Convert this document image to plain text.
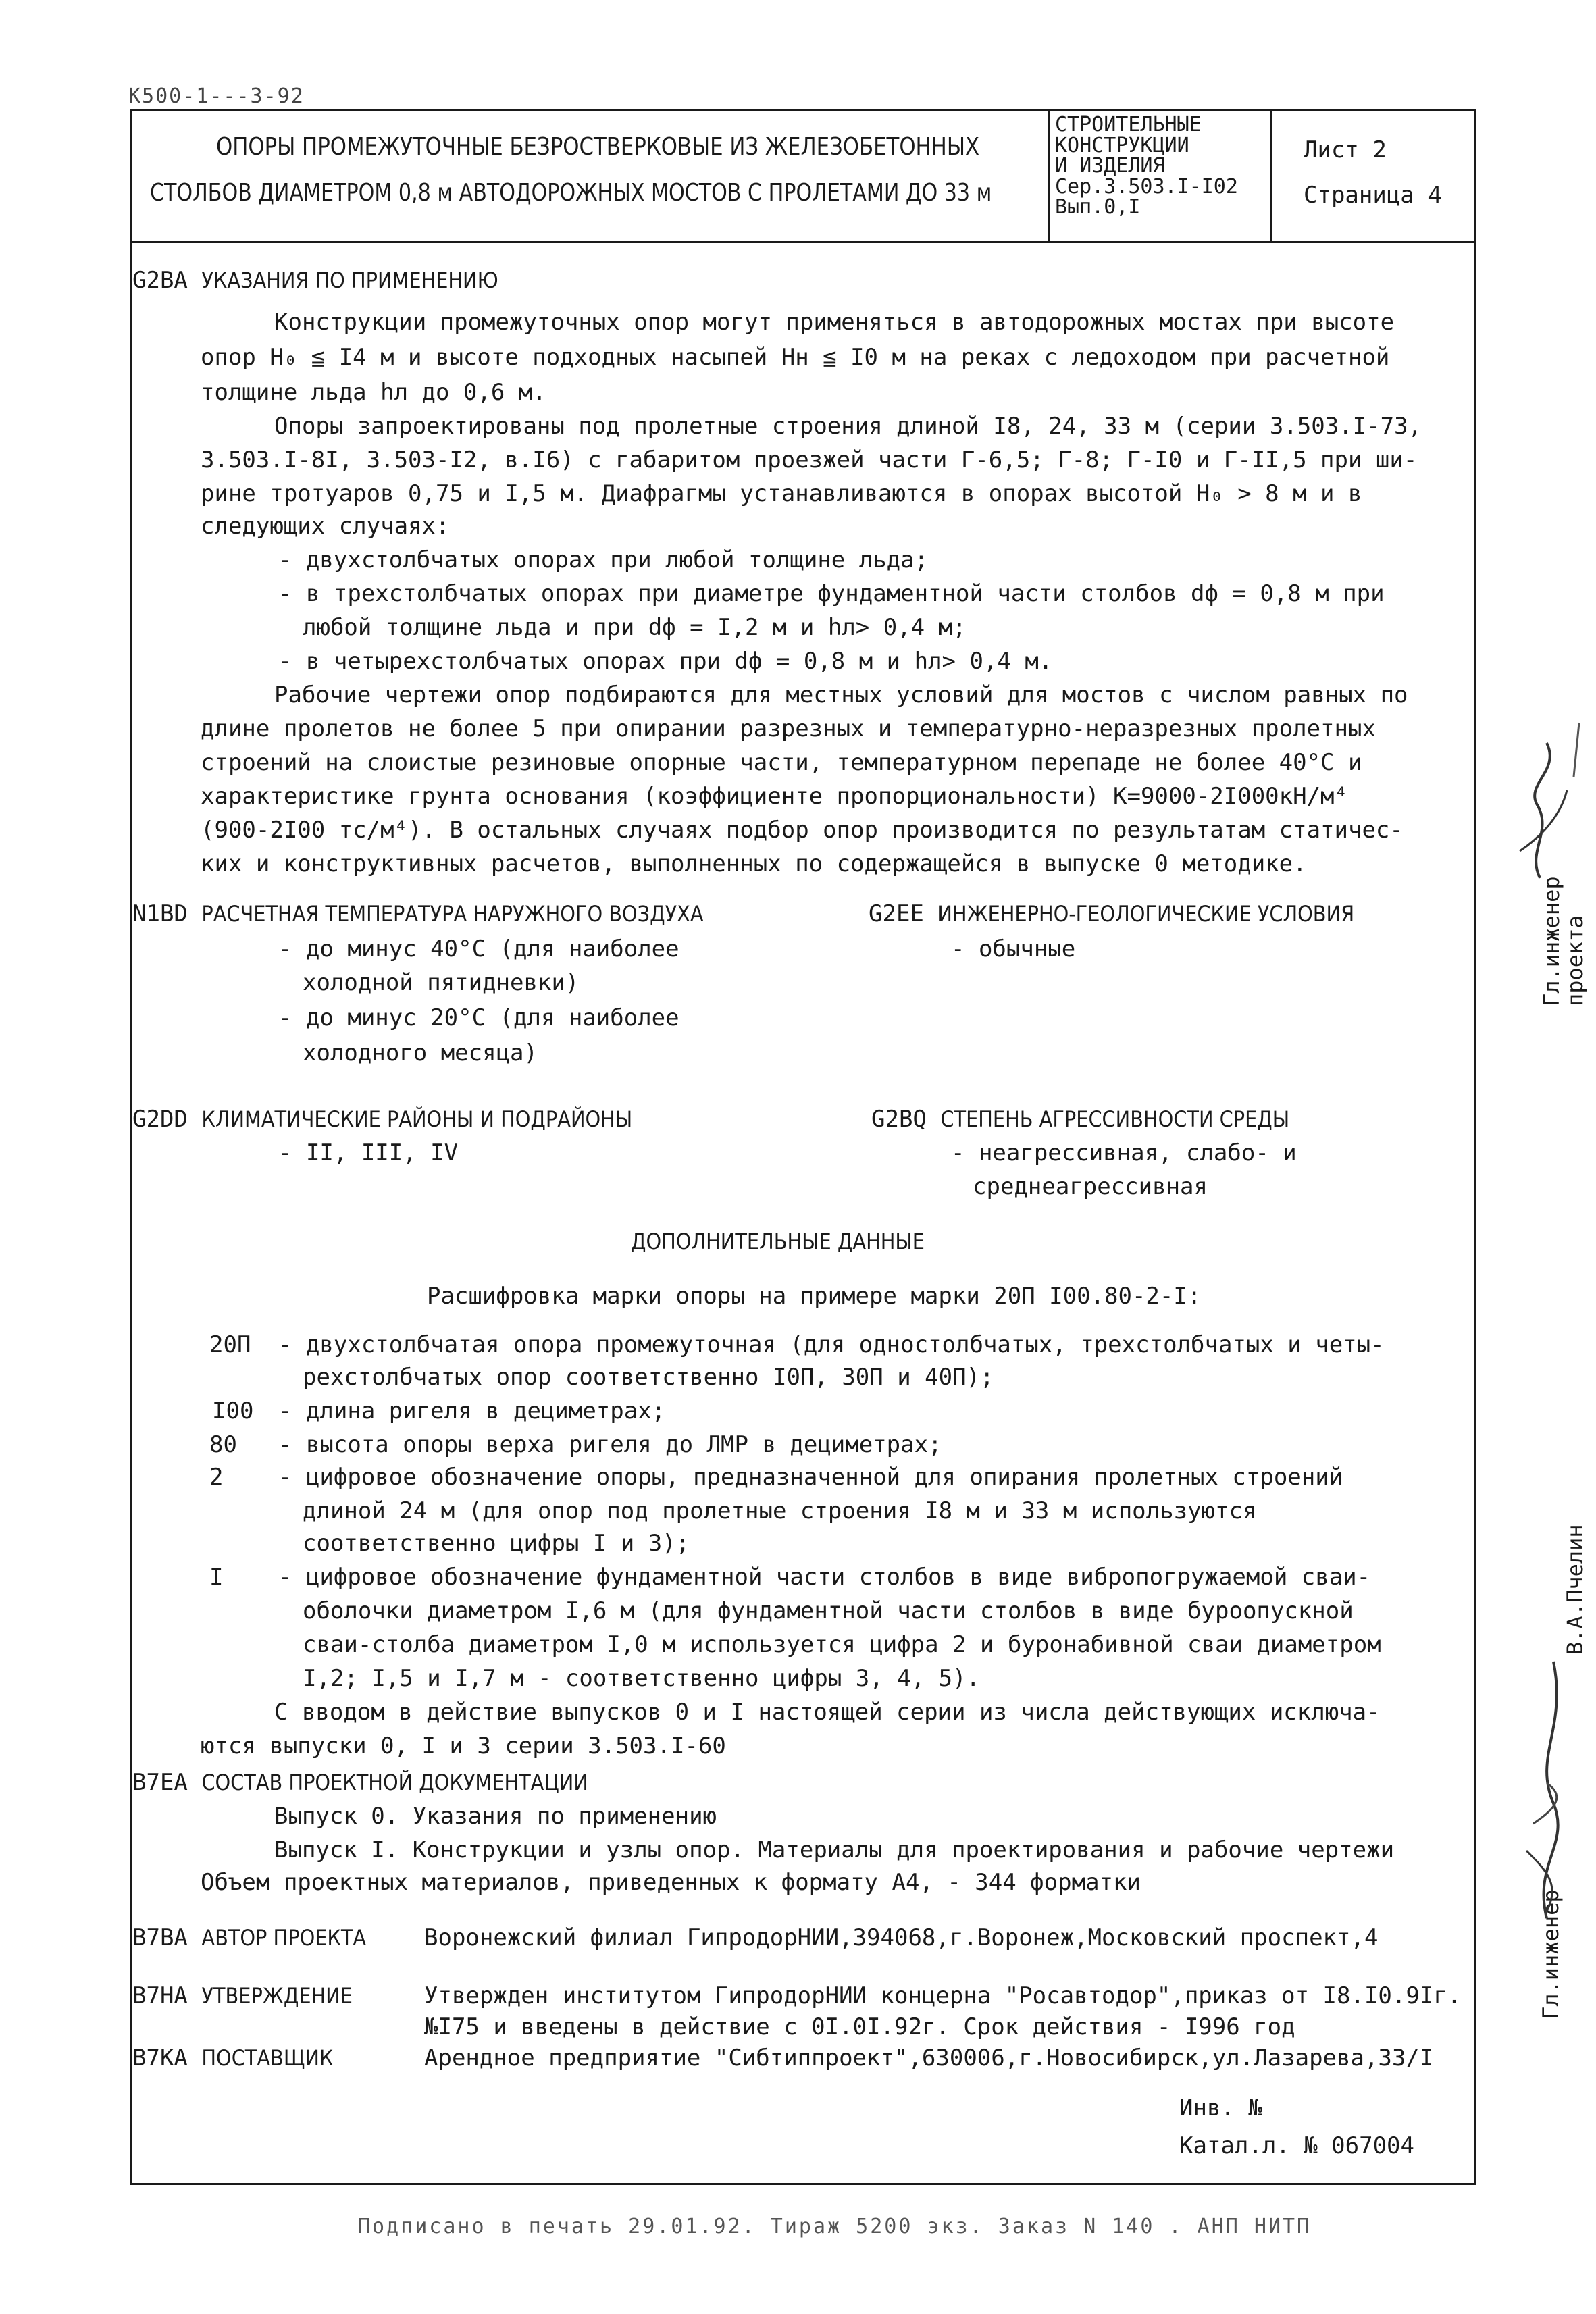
К500-1---3-92
ОПОРЫ ПРОМЕЖУТОЧНЫЕ БЕЗРОСТВЕРКОВЫЕ ИЗ ЖЕЛЕЗОБЕТОННЫХ
СТОЛБОВ ДИАМЕТРОМ 0,8 м АВТОДОРОЖНЫХ МОСТОВ С ПРОЛЕТАМИ ДО 33 м
СТРОИТЕЛЬНЫЕ
КОНСТРУКЦИИ
И ИЗДЕЛИЯ
Сер.3.503.I-I02
Вып.0,I
Лист 2
Страница 4
G2BA УКАЗАНИЯ ПО ПРИМЕНЕНИЮ
Конструкции промежуточных опор могут применяться в автодорожных мостах при высоте
опор H₀ ≦ I4 м и высоте подходных насыпей Hн ≦ I0 м на реках с ледоходом при расчетной
толщине льда hл до 0,6 м.
Опоры запроектированы под пролетные строения длиной I8, 24, 33 м (серии 3.503.I-73,
3.503.I-8I, 3.503-I2, в.I6) с габаритом проезжей части Г-6,5; Г-8; Г-I0 и Г-II,5 при ши-
рине тротуаров 0,75 и I,5 м. Диафрагмы устанавливаются в опорах высотой H₀ > 8 м и в
следующих случаях:
- двухстолбчатых опорах при любой толщине льда;
- в трехстолбчатых опорах при диаметре фундаментной части столбов dф = 0,8 м при
любой толщине льда и при dф = I,2 м и hл> 0,4 м;
- в четырехстолбчатых опорах при dф = 0,8 м и hл> 0,4 м.
Рабочие чертежи опор подбираются для местных условий для мостов с числом равных по
длине пролетов не более 5 при опирании разрезных и температурно-неразрезных пролетных
строений на слоистые резиновые опорные части, температурном перепаде не более 40°С и
характеристике грунта основания (коэффициенте пропорциональности) К=9000-2I000кН/м⁴
(900-2I00 тс/м⁴). В остальных случаях подбор опор производится по результатам статичес-
ких и конструктивных расчетов, выполненных по содержащейся в выпуске 0 методике.
N1BD РАСЧЕТНАЯ ТЕМПЕРАТУРА НАРУЖНОГО ВОЗДУХА
- до минус 40°С (для наиболее
холодной пятидневки)
- до минус 20°С (для наиболее
холодного месяца)
G2EE ИНЖЕНЕРНО-ГЕОЛОГИЧЕСКИЕ УСЛОВИЯ
- обычные
G2DD КЛИМАТИЧЕСКИЕ РАЙОНЫ И ПОДРАЙОНЫ
- II, III, IV
G2BQ СТЕПЕНЬ АГРЕССИВНОСТИ СРЕДЫ
- неагрессивная, слабо- и
среднеагрессивная
ДОПОЛНИТЕЛЬНЫЕ ДАННЫЕ
Расшифровка марки опоры на примере марки 20П I00.80-2-I:
20П - двухстолбчатая опора промежуточная (для одностолбчатых, трехстолбчатых и четы-
рехстолбчатых опор соответственно I0П, 30П и 40П);
I00 - длина ригеля в дециметрах;
80 - высота опоры верха ригеля до ЛМР в дециметрах;
2 - цифровое обозначение опоры, предназначенной для опирания пролетных строений
длиной 24 м (для опор под пролетные строения I8 м и 33 м используются
соответственно цифры I и 3);
I - цифровое обозначение фундаментной части столбов в виде вибропогружаемой сваи-
оболочки диаметром I,6 м (для фундаментной части столбов в виде буроопускной
сваи-столба диаметром I,0 м используется цифра 2 и буронабивной сваи диаметром
I,2; I,5 и I,7 м - соответственно цифры 3, 4, 5).
С вводом в действие выпусков 0 и I настоящей серии из числа действующих исключа-
ются выпуски 0, I и 3 серии 3.503.I-60
B7EA СОСТАВ ПРОЕКТНОЙ ДОКУМЕНТАЦИИ
Выпуск 0. Указания по применению
Выпуск I. Конструкции и узлы опор. Материалы для проектирования и рабочие чертежи
Объем проектных материалов, приведенных к формату А4, - 344 форматки
B7BA АВТОР ПРОЕКТА	Воронежский филиал ГипродорНИИ,394068,г.Воронеж,Московский проспект,4
B7HA УТВЕРЖДЕНИЕ	Утвержден институтом ГипродорНИИ концерна "Росавтодор",приказ от I8.I0.9Iг.
№I75 и введены в действие с 0I.0I.92г. Срок действия - I996 год
B7KA ПОСТАВЩИК	Арендное предприятие "Сибтиппроект",630006,г.Новосибирск,ул.Лазарева,33/I
Инв. №
Катал.л. № 067004
Подписано в печать 29.01.92. Тираж 5200 экз. Заказ N 140 . АНП НИТП
Гл.инженер проекта
В.А.Пчелин
Гл.инженер
